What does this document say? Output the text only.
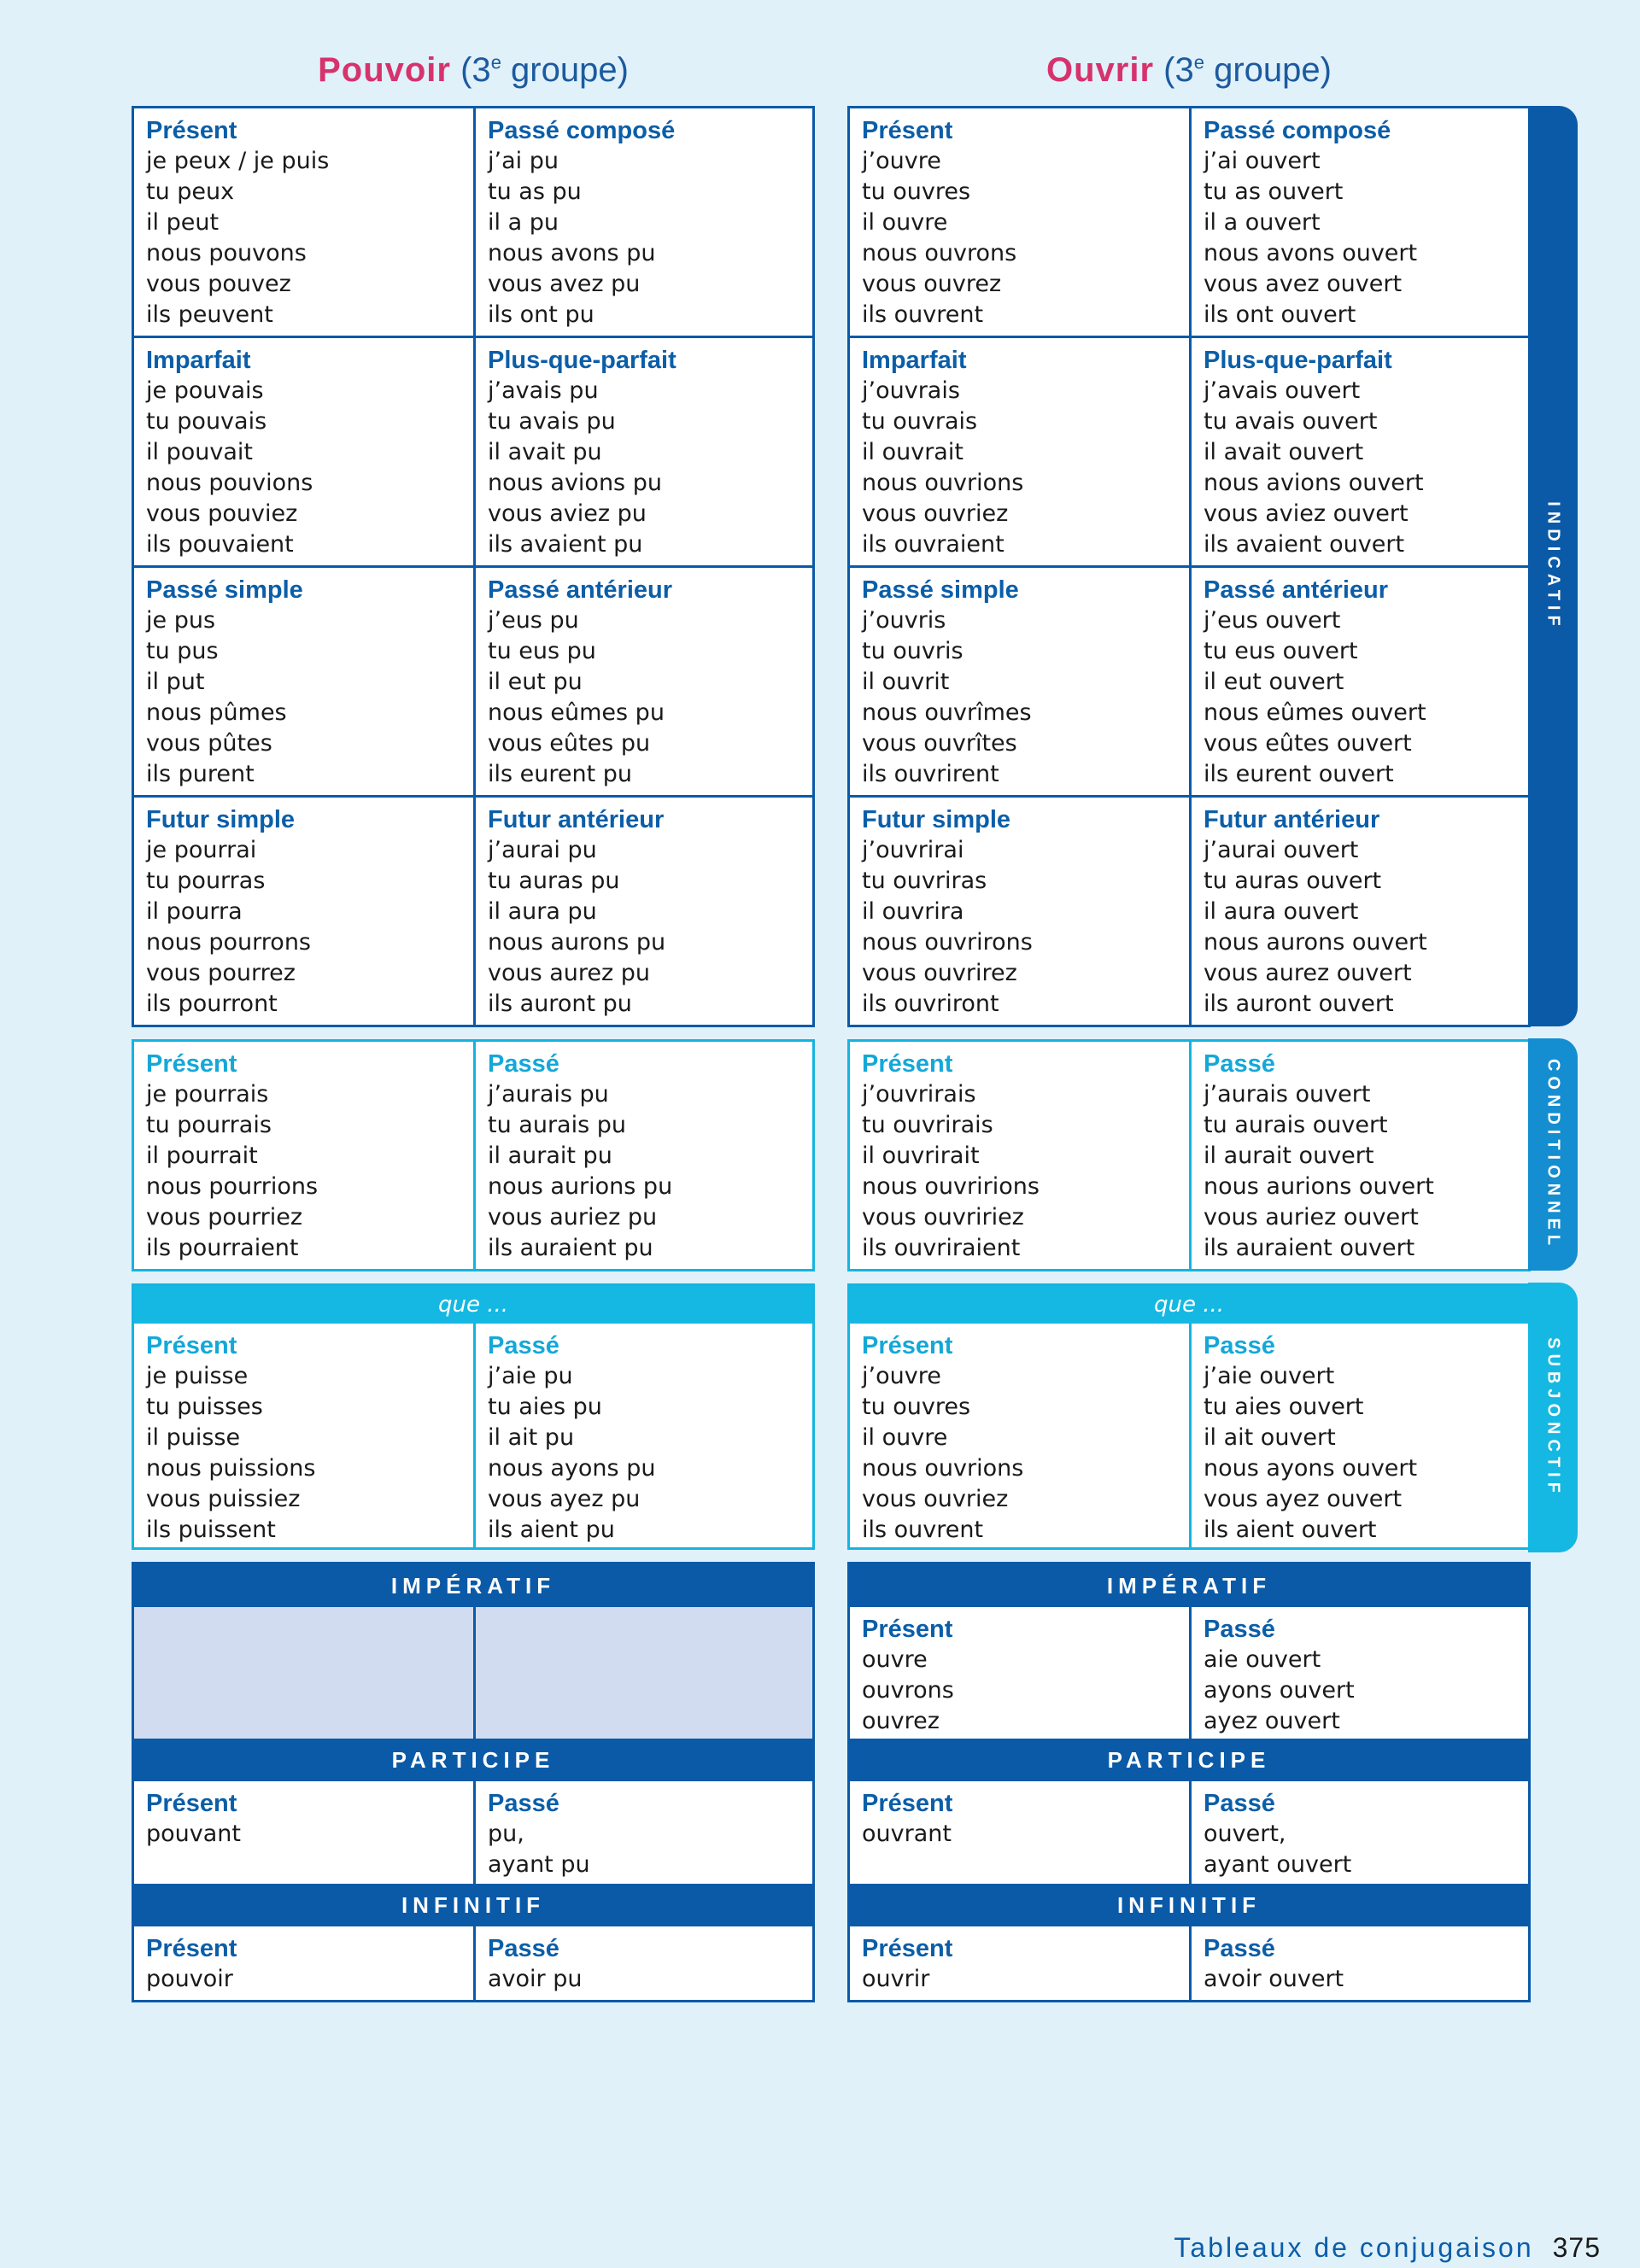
Pouvoir (3e groupe)	Ouvrir (3e groupe)
Présent
je peux / je puis
tu peux
il peut
nous pouvons
vous pouvez
ils peuvent
Passé composé
j’ai pu
tu as pu
il a pu
nous avons pu
vous avez pu
ils ont pu
Imparfait
je pouvais
tu pouvais
il pouvait
nous pouvions
vous pouviez
ils pouvaient
Plus-que-parfait
j’avais pu
tu avais pu
il avait pu
nous avions pu
vous aviez pu
ils avaient pu
Passé simple
je pus
tu pus
il put
nous pûmes
vous pûtes
ils purent
Passé antérieur
j’eus pu
tu eus pu
il eut pu
nous eûmes pu
vous eûtes pu
ils eurent pu
Futur simple
je pourrai
tu pourras
il pourra
nous pourrons
vous pourrez
ils pourront
Futur antérieur
j’aurai pu
tu auras pu
il aura pu
nous aurons pu
vous aurez pu
ils auront pu
Présent
je pourrais
tu pourrais
il pourrait
nous pourrions
vous pourriez
ils pourraient
Passé
j’aurais pu
tu aurais pu
il aurait pu
nous aurions pu
vous auriez pu
ils auraient pu
que ...
Présent
je puisse
tu puisses
il puisse
nous puissions
vous puissiez
ils puissent
Passé
j’aie pu
tu aies pu
il ait pu
nous ayons pu
vous ayez pu
ils aient pu
IMPÉRATIF
PARTICIPE
Présent
pouvant
Passé
pu,
ayant pu
INFINITIF
Présent
pouvoir
Passé
avoir pu
Présent
j’ouvre
tu ouvres
il ouvre
nous ouvrons
vous ouvrez
ils ouvrent
Passé composé
j’ai ouvert
tu as ouvert
il a ouvert
nous avons ouvert
vous avez ouvert
ils ont ouvert
Imparfait
j’ouvrais
tu ouvrais
il ouvrait
nous ouvrions
vous ouvriez
ils ouvraient
Plus-que-parfait
j’avais ouvert
tu avais ouvert
il avait ouvert
nous avions ouvert
vous aviez ouvert
ils avaient ouvert
Passé simple
j’ouvris
tu ouvris
il ouvrit
nous ouvrîmes
vous ouvrîtes
ils ouvrirent
Passé antérieur
j’eus ouvert
tu eus ouvert
il eut ouvert
nous eûmes ouvert
vous eûtes ouvert
ils eurent ouvert
Futur simple
j’ouvrirai
tu ouvriras
il ouvrira
nous ouvrirons
vous ouvrirez
ils ouvriront
Futur antérieur
j’aurai ouvert
tu auras ouvert
il aura ouvert
nous aurons ouvert
vous aurez ouvert
ils auront ouvert
Présent
j’ouvrirais
tu ouvrirais
il ouvrirait
nous ouvririons
vous ouvririez
ils ouvriraient
Passé
j’aurais ouvert
tu aurais ouvert
il aurait ouvert
nous aurions ouvert
vous auriez ouvert
ils auraient ouvert
que ...
Présent
j’ouvre
tu ouvres
il ouvre
nous ouvrions
vous ouvriez
ils ouvrent
Passé
j’aie ouvert
tu aies ouvert
il ait ouvert
nous ayons ouvert
vous ayez ouvert
ils aient ouvert
IMPÉRATIF
Présent
ouvre
ouvrons
ouvrez
Passé
aie ouvert
ayons ouvert
ayez ouvert
PARTICIPE
Présent
ouvrant
Passé
ouvert,
ayant ouvert
INFINITIF
Présent
ouvrir
Passé
avoir ouvert
INDICATIF
CONDITIONNEL
SUBJONCTIF
Tableaux de conjugaison 375
